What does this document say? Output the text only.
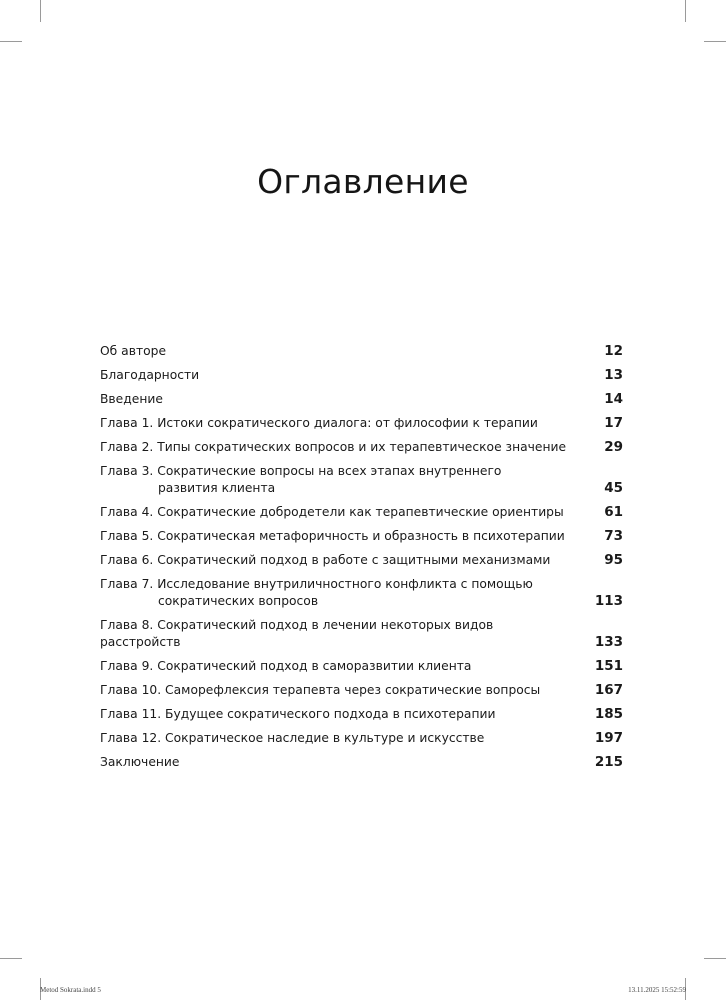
Оглавление
Об авторе	12
Благодарности	13
Введение	14
Глава 1. Истоки сократического диалога: от философии к терапии	17
Глава 2. Типы сократических вопросов и их терапевтическое значение	29
Глава 3. Сократические вопросы на всех этапах внутреннего
развития клиента	45
Глава 4. Сократические добродетели как терапевтические ориентиры	61
Глава 5. Сократическая метафоричность и образность в психотерапии	73
Глава 6. Сократический подход в работе с защитными механизмами	95
Глава 7. Исследование внутриличностного конфликта с помощью
сократических вопросов	113
Глава 8. Сократический подход в лечении некоторых видов расстройств	133
Глава 9. Сократический подход в саморазвитии клиента	151
Глава 10. Саморефлексия терапевта через сократические вопросы	167
Глава 11. Будущее сократического подхода в психотерапии	185
Глава 12. Сократическое наследие в культуре и искусстве	197
Заключение	215
Metod Sokrata.indd 5	13.11.2025 15:52:59
